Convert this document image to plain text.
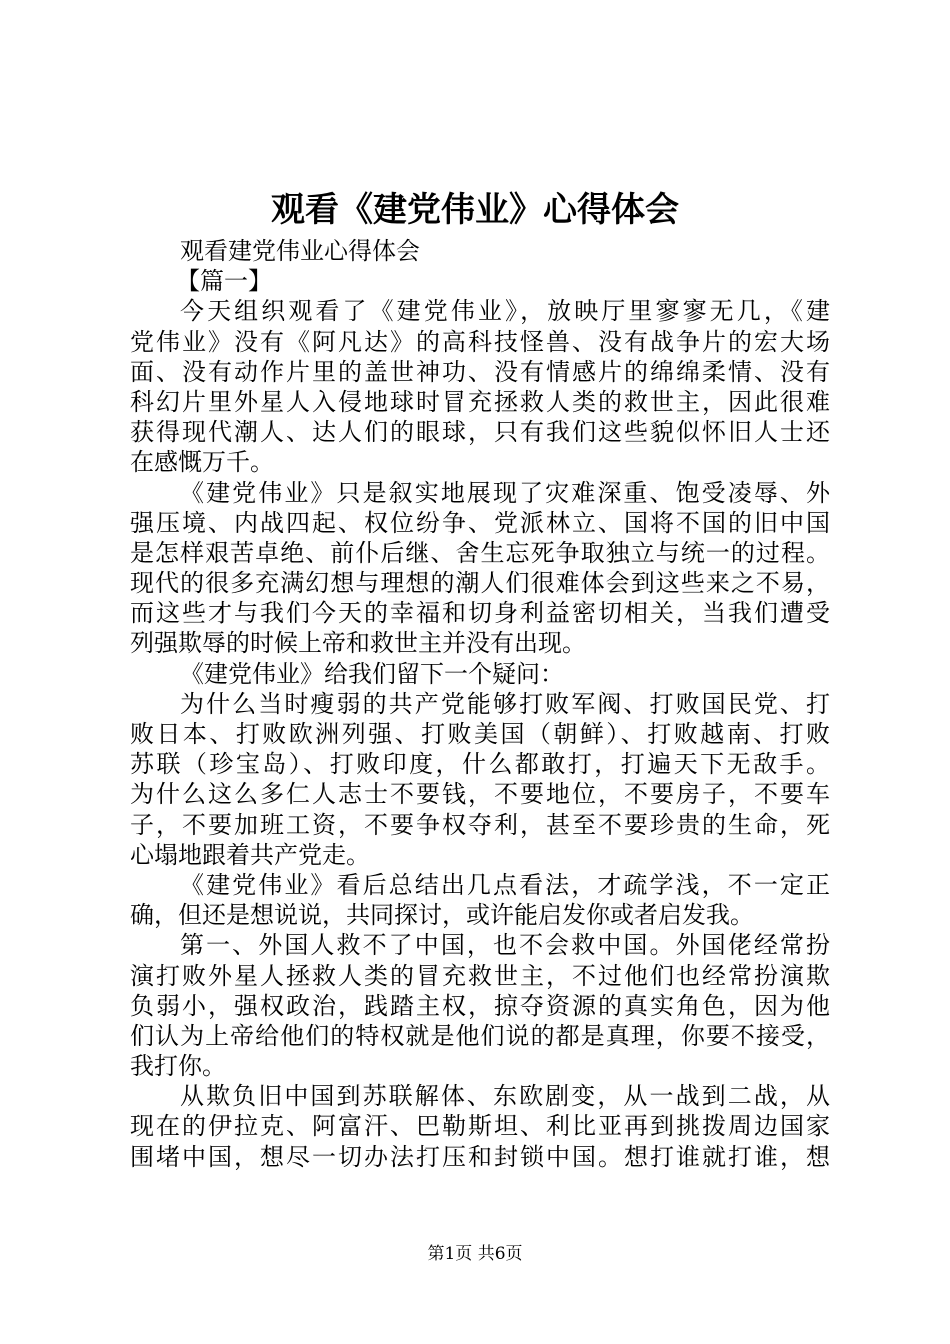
观看《建党伟业》心得体会
观看建党伟业心得体会
【篇一】
今天组织观看了《建党伟业》，放映厅里寥寥无几，《建
党伟业》没有《阿凡达》的高科技怪兽、没有战争片的宏大场
面、没有动作片里的盖世神功、没有情感片的绵绵柔情、没有
科幻片里外星人入侵地球时冒充拯救人类的救世主，因此很难
获得现代潮人、达人们的眼球，只有我们这些貌似怀旧人士还
在感慨万千。
《建党伟业》只是叙实地展现了灾难深重、饱受凌辱、外
强压境、内战四起、权位纷争、党派林立、国将不国的旧中国
是怎样艰苦卓绝、前仆后继、舍生忘死争取独立与统一的过程。
现代的很多充满幻想与理想的潮人们很难体会到这些来之不易，
而这些才与我们今天的幸福和切身利益密切相关，当我们遭受
列强欺辱的时候上帝和救世主并没有出现。
《建党伟业》给我们留下一个疑问：
为什么当时瘦弱的共产党能够打败军阀、打败国民党、打
败日本、打败欧洲列强、打败美国（朝鲜）、打败越南、打败
苏联（珍宝岛）、打败印度，什么都敢打，打遍天下无敌手。
为什么这么多仁人志士不要钱，不要地位，不要房子，不要车
子，不要加班工资，不要争权夺利，甚至不要珍贵的生命，死
心塌地跟着共产党走。
《建党伟业》看后总结出几点看法，才疏学浅，不一定正
确，但还是想说说，共同探讨，或许能启发你或者启发我。
第一、外国人救不了中国，也不会救中国。外国佬经常扮
演打败外星人拯救人类的冒充救世主，不过他们也经常扮演欺
负弱小，强权政治，践踏主权，掠夺资源的真实角色，因为他
们认为上帝给他们的特权就是他们说的都是真理，你要不接受，
我打你。
从欺负旧中国到苏联解体、东欧剧变，从一战到二战，从
现在的伊拉克、阿富汗、巴勒斯坦、利比亚再到挑拨周边国家
围堵中国，想尽一切办法打压和封锁中国。想打谁就打谁，想
第1页 共6页
